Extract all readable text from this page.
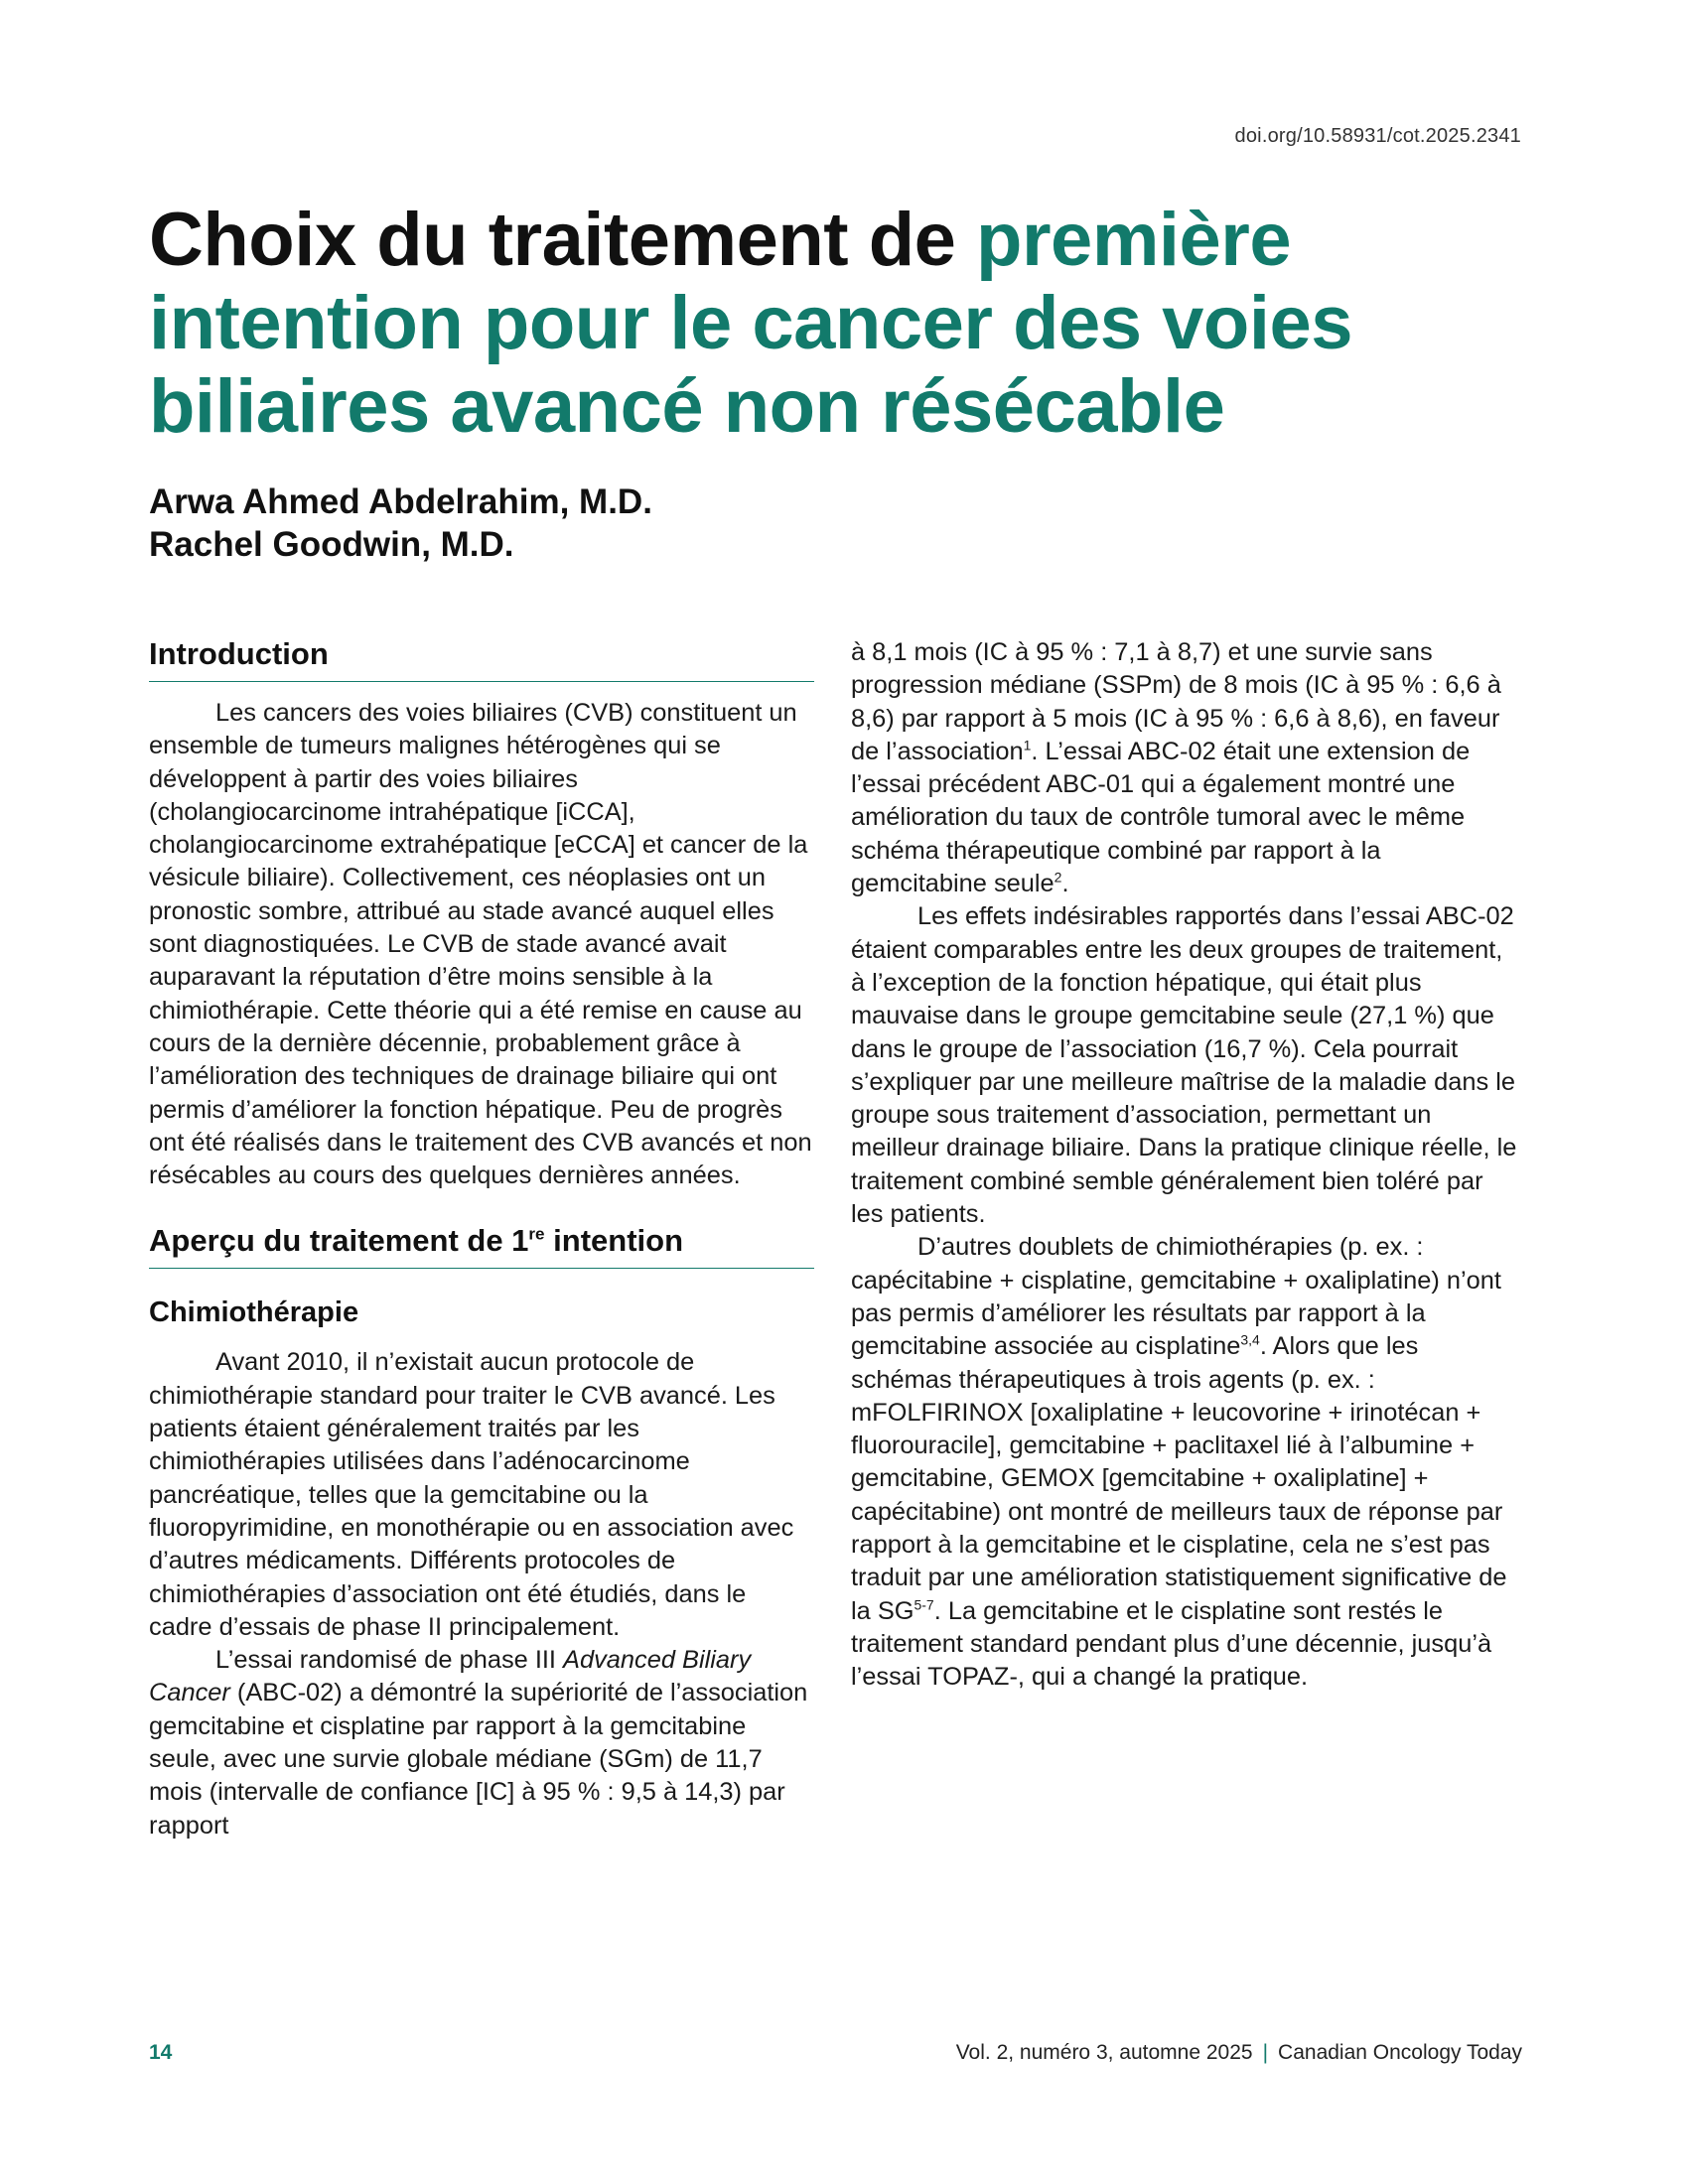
doi.org/10.58931/cot.2025.2341
Choix du traitement de première intention pour le cancer des voies biliaires avancé non résécable
Arwa Ahmed Abdelrahim, M.D.
Rachel Goodwin, M.D.
Introduction

Les cancers des voies biliaires (CVB) constituent un ensemble de tumeurs malignes hétérogènes qui se développent à partir des voies biliaires (cholangiocarcinome intrahépatique [iCCA], cholangiocarcinome extrahépatique [eCCA] et cancer de la vésicule biliaire). Collectivement, ces néoplasies ont un pronostic sombre, attribué au stade avancé auquel elles sont diagnostiquées. Le CVB de stade avancé avait auparavant la réputation d’être moins sensible à la chimiothérapie. Cette théorie qui a été remise en cause au cours de la dernière décennie, probablement grâce à l’amélioration des techniques de drainage biliaire qui ont permis d’améliorer la fonction hépatique. Peu de progrès ont été réalisés dans le traitement des CVB avancés et non résécables au cours des quelques dernières années.

Aperçu du traitement de 1re intention
Chimiothérapie

Avant 2010, il n’existait aucun protocole de chimiothérapie standard pour traiter le CVB avancé. Les patients étaient généralement traités par les chimiothérapies utilisées dans l’adénocarcinome pancréatique, telles que la gemcitabine ou la fluoropyrimidine, en monothérapie ou en association avec d’autres médicaments. Différents protocoles de chimiothérapies d’association ont été étudiés, dans le cadre d’essais de phase II principalement.

L’essai randomisé de phase III Advanced Biliary Cancer (ABC-02) a démontré la supériorité de l’association gemcitabine et cisplatine par rapport à la gemcitabine seule, avec une survie globale médiane (SGm) de 11,7 mois (intervalle de confiance [IC] à 95 % : 9,5 à 14,3) par rapport

à 8,1 mois (IC à 95 % : 7,1 à 8,7) et une survie sans progression médiane (SSPm) de 8 mois (IC à 95 % : 6,6 à 8,6) par rapport à 5 mois (IC à 95 % : 6,6 à 8,6), en faveur de l’association$^1$. L’essai ABC-02 était une extension de l’essai précédent ABC-01 qui a également montré une amélioration du taux de contrôle tumoral avec le même schéma thérapeutique combiné par rapport à la gemcitabine seule$^2$.

Les effets indésirables rapportés dans l’essai ABC-02 étaient comparables entre les deux groupes de traitement, à l’exception de la fonction hépatique, qui était plus mauvaise dans le groupe gemcitabine seule (27,1 %) que dans le groupe de l’association (16,7 %). Cela pourrait s’expliquer par une meilleure maîtrise de la maladie dans le groupe sous traitement d’association, permettant un meilleur drainage biliaire. Dans la pratique clinique réelle, le traitement combiné semble généralement bien toléré par les patients.

D’autres doublets de chimiothérapies (p. ex. : capécitabine + cisplatine, gemcitabine + oxaliplatine) n’ont pas permis d’améliorer les résultats par rapport à la gemcitabine associée au cisplatine$^{3,4}$. Alors que les schémas thérapeutiques à trois agents (p. ex. : mFOLFIRINOX [oxaliplatine + leucovorine + irinotécan + fluorouracile], gemcitabine + paclitaxel lié à l’albumine + gemcitabine, GEMOX [gemcitabine + oxaliplatine] + capécitabine) ont montré de meilleurs taux de réponse par rapport à la gemcitabine et le cisplatine, cela ne s’est pas traduit par une amélioration statistiquement significative de la SG$^{5-7}$. La gemcitabine et le cisplatine sont restés le traitement standard pendant plus d’une décennie, jusqu’à l’essai TOPAZ-, qui a changé la pratique.

14	Vol. 2, numéro 3, automne 2025 | Canadian Oncology Today
